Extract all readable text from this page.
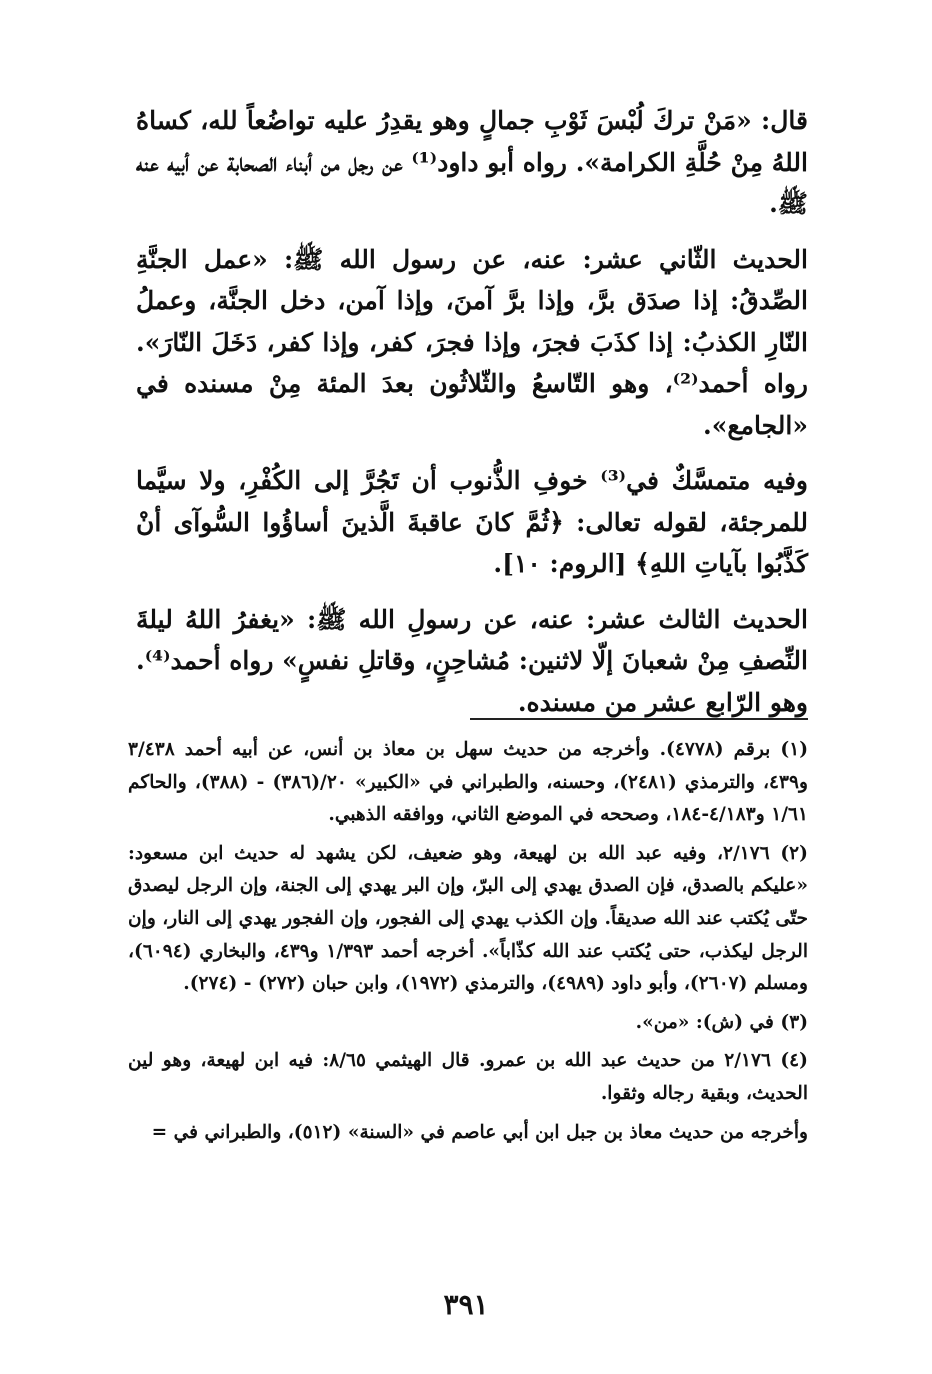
قال: «مَنْ تركَ لُبْسَ ثَوْبِ جمالٍ وهو يقدِرُ عليه تواضُعاً لله، كساهُ اللهُ مِنْ حُلَّةِ الكرامة». رواه أبو داود⁽¹⁾ عن رجل من أبناء الصحابة عن أبيه عنه ﷺ.

الحديث الثّاني عشر: عنه، عن رسول الله ﷺ: «عمل الجنَّةِ الصِّدقُ: إذا صدَق برَّ، وإذا برَّ آمنَ، وإذا آمن، دخل الجنَّة، وعملُ النّارِ الكذبُ: إذا كذَبَ فجرَ، وإذا فجرَ، كفر، وإذا كفر، دَخَلَ النّارَ». رواه أحمد⁽²⁾، وهو التّاسعُ والثّلاثُون بعدَ المئة مِنْ مسنده في «الجامع».

وفيه متمسَّكٌ في⁽³⁾ خوفِ الذُّنوب أن تَجُرَّ إلى الكُفْرِ، ولا سيَّما للمرجئة، لقوله تعالى: ﴿ثُمَّ كانَ عاقبةَ الَّذينَ أساؤُوا السُّوآى أنْ كَذَّبُوا بآياتِ اللهِ﴾ [الروم: ١٠].

الحديث الثالث عشر: عنه، عن رسولِ الله ﷺ: «يغفرُ اللهُ ليلةَ النِّصفِ مِنْ شعبانَ إلّا لاثنين: مُشاحِنٍ، وقاتلِ نفسٍ» رواه أحمد⁽⁴⁾. وهو الرّابع عشر من مسنده.

(١) برقم (٤٧٧٨). وأخرجه من حديث سهل بن معاذ بن أنس، عن أبيه أحمد ٣/٤٣٨ و٤٣٩، والترمذي (٢٤٨١)، وحسنه، والطبراني في «الكبير» ٢٠/(٣٨٦) - (٣٨٨)، والحاكم ١/٦١ و٤/١٨٣-١٨٤، وصححه في الموضع الثاني، ووافقه الذهبي.

(٢) ٢/١٧٦، وفيه عبد الله بن لهيعة، وهو ضعيف، لكن يشهد له حديث ابن مسعود: «عليكم بالصدق، فإن الصدق يهدي إلى البرّ، وإن البر يهدي إلى الجنة، وإن الرجل ليصدق حتّى يُكتب عند الله صديقاً. وإن الكذب يهدي إلى الفجور، وإن الفجور يهدي إلى النار، وإن الرجل ليكذب، حتى يُكتب عند الله كذّاباً». أخرجه أحمد ١/٣٩٣ و٤٣٩، والبخاري (٦٠٩٤)، ومسلم (٢٦٠٧)، وأبو داود (٤٩٨٩)، والترمذي (١٩٧٢)، وابن حبان (٢٧٢) - (٢٧٤).

(٣) في (ش): «من».

(٤) ٢/١٧٦ من حديث عبد الله بن عمرو. قال الهيثمي ٨/٦٥: فيه ابن لهيعة، وهو لين الحديث، وبقية رجاله وثقوا.

وأخرجه من حديث معاذ بن جبل ابن أبي عاصم في «السنة» (٥١٢)، والطبراني في =

٣٩١
